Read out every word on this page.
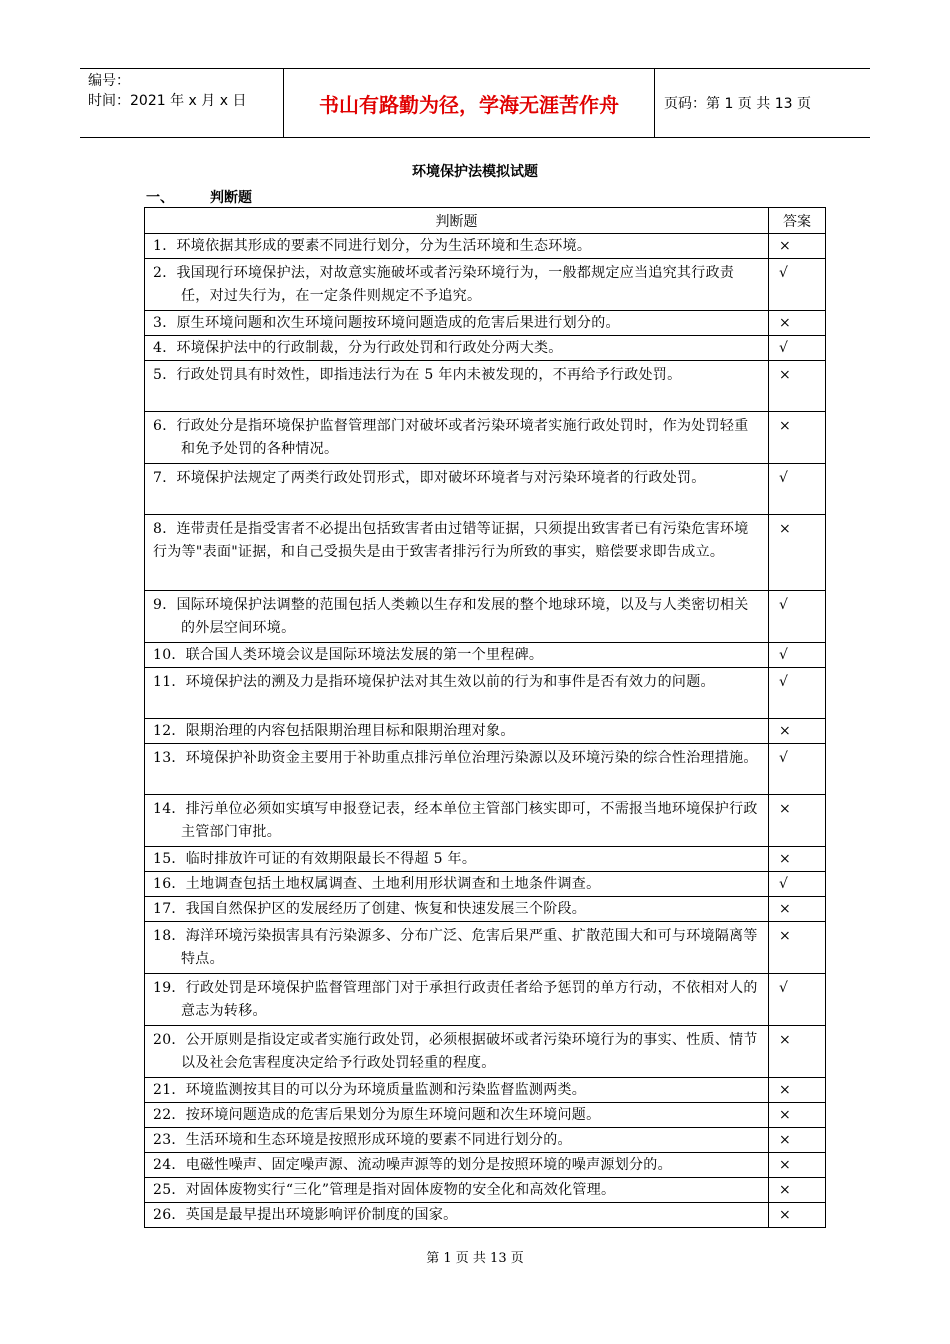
编号：
时间：2021 年 x 月 x 日	书山有路勤为径，学海无涯苦作舟	页码：第 1 页 共 13 页
环境保护法模拟试题
一、	判断题
判断题	答案

1．环境依据其形成的要素不同进行划分，分为生活环境和生态环境。	×

2．我国现行环境保护法，对故意实施破坏或者污染环境行为，一般都规定应当追究其行政责任，对过失行为，在一定条件则规定不予追究。	√

3．原生环境问题和次生环境问题按环境问题造成的危害后果进行划分的。	×

4．环境保护法中的行政制裁，分为行政处罚和行政处分两大类。	√

5．行政处罚具有时效性，即指违法行为在 5 年内未被发现的，不再给予行政处罚。	×

6．行政处分是指环境保护监督管理部门对破坏或者污染环境者实施行政处罚时，作为处罚轻重和免予处罚的各种情况。	×

7．环境保护法规定了两类行政处罚形式，即对破坏环境者与对污染环境者的行政处罚。	√

8．连带责任是指受害者不必提出包括致害者由过错等证据，只须提出致害者已有污染危害环境行为等"表面"证据，和自己受损失是由于致害者排污行为所致的事实，赔偿要求即告成立。	×

9．国际环境保护法调整的范围包括人类赖以生存和发展的整个地球环境，以及与人类密切相关的外层空间环境。	√

10．联合国人类环境会议是国际环境法发展的第一个里程碑。	√

11．环境保护法的溯及力是指环境保护法对其生效以前的行为和事件是否有效力的问题。	√

12．限期治理的内容包括限期治理目标和限期治理对象。	×

13．环境保护补助资金主要用于补助重点排污单位治理污染源以及环境污染的综合性治理措施。	√

14．排污单位必须如实填写申报登记表，经本单位主管部门核实即可，不需报当地环境保护行政主管部门审批。	×

15．临时排放许可证的有效期限最长不得超 5 年。	×

16．土地调查包括土地权属调查、土地利用形状调查和土地条件调查。	√

17．我国自然保护区的发展经历了创建、恢复和快速发展三个阶段。	×

18．海洋环境污染损害具有污染源多、分布广泛、危害后果严重、扩散范围大和可与环境隔离等特点。	×

19．行政处罚是环境保护监督管理部门对于承担行政责任者给予惩罚的单方行动，不依相对人的意志为转移。	√

20．公开原则是指设定或者实施行政处罚，必须根据破坏或者污染环境行为的事实、性质、情节以及社会危害程度决定给予行政处罚轻重的程度。	×

21．环境监测按其目的可以分为环境质量监测和污染监督监测两类。	×

22．按环境问题造成的危害后果划分为原生环境问题和次生环境问题。	×

23．生活环境和生态环境是按照形成环境的要素不同进行划分的。	×

24．电磁性噪声、固定噪声源、流动噪声源等的划分是按照环境的噪声源划分的。	×

25．对固体废物实行“三化”管理是指对固体废物的安全化和高效化管理。	×

26．英国是最早提出环境影响评价制度的国家。	×
第 1 页 共 13 页
